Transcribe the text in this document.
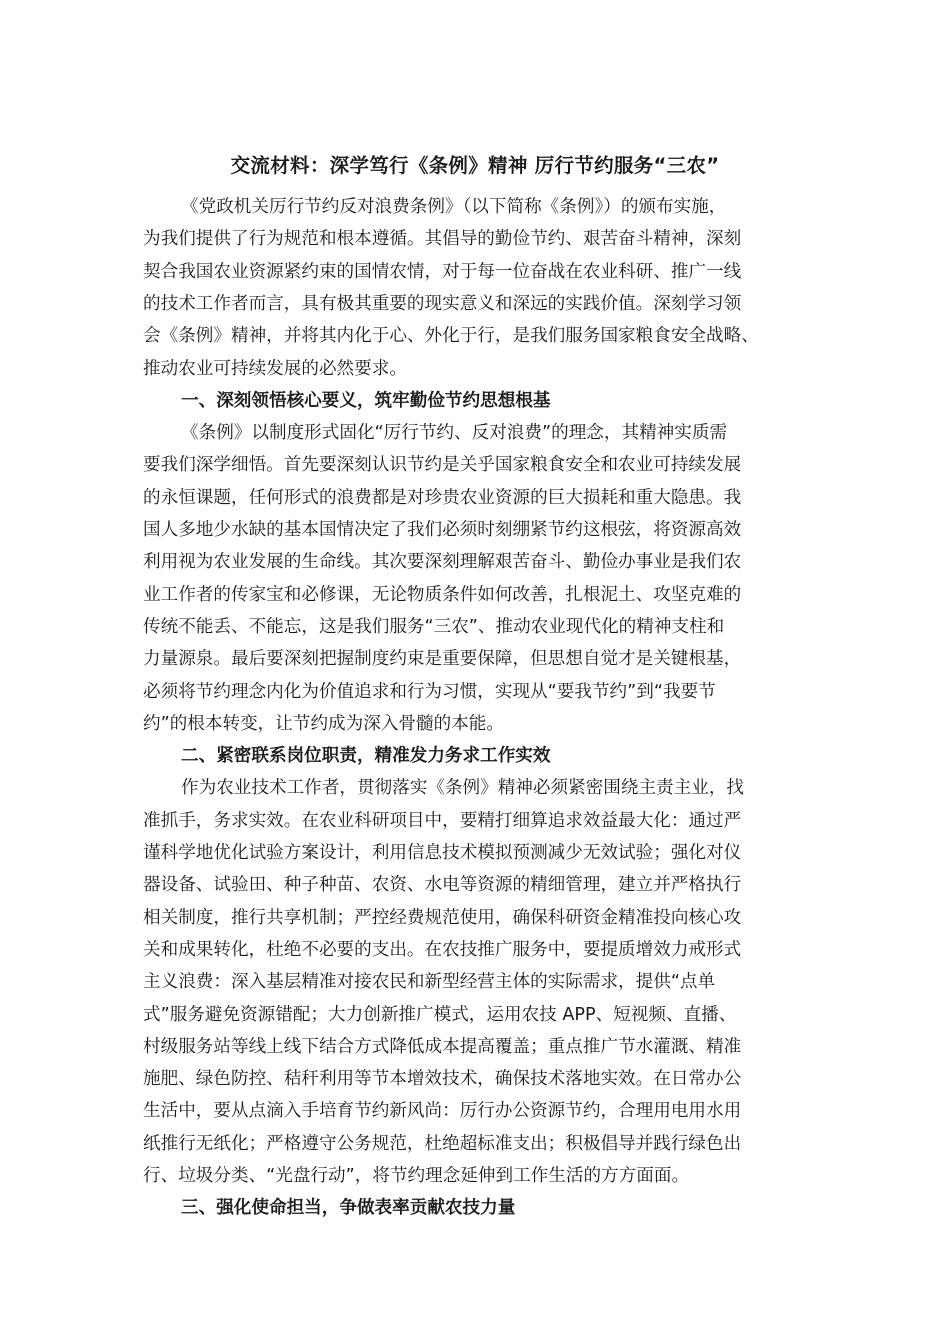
交流材料：深学笃行《条例》精神 厉行节约服务“三农”
《党政机关厉行节约反对浪费条例》（以下简称《条例》）的颁布实施，
为我们提供了行为规范和根本遵循。其倡导的勤俭节约、艰苦奋斗精神，深刻
契合我国农业资源紧约束的国情农情，对于每一位奋战在农业科研、推广一线
的技术工作者而言，具有极其重要的现实意义和深远的实践价值。深刻学习领
会《条例》精神，并将其内化于心、外化于行，是我们服务国家粮食安全战略、
推动农业可持续发展的必然要求。
一、深刻领悟核心要义，筑牢勤俭节约思想根基
《条例》以制度形式固化“厉行节约、反对浪费”的理念，其精神实质需
要我们深学细悟。首先要深刻认识节约是关乎国家粮食安全和农业可持续发展
的永恒课题，任何形式的浪费都是对珍贵农业资源的巨大损耗和重大隐患。我
国人多地少水缺的基本国情决定了我们必须时刻绷紧节约这根弦，将资源高效
利用视为农业发展的生命线。其次要深刻理解艰苦奋斗、勤俭办事业是我们农
业工作者的传家宝和必修课，无论物质条件如何改善，扎根泥土、攻坚克难的
传统不能丢、不能忘，这是我们服务“三农”、推动农业现代化的精神支柱和
力量源泉。最后要深刻把握制度约束是重要保障，但思想自觉才是关键根基，
必须将节约理念内化为价值追求和行为习惯，实现从“要我节约”到“我要节
约”的根本转变，让节约成为深入骨髓的本能。
二、紧密联系岗位职责，精准发力务求工作实效
作为农业技术工作者，贯彻落实《条例》精神必须紧密围绕主责主业，找
准抓手，务求实效。在农业科研项目中，要精打细算追求效益最大化：通过严
谨科学地优化试验方案设计，利用信息技术模拟预测减少无效试验；强化对仪
器设备、试验田、种子种苗、农资、水电等资源的精细管理，建立并严格执行
相关制度，推行共享机制；严控经费规范使用，确保科研资金精准投向核心攻
关和成果转化，杜绝不必要的支出。在农技推广服务中，要提质增效力戒形式
主义浪费：深入基层精准对接农民和新型经营主体的实际需求，提供“点单
式”服务避免资源错配；大力创新推广模式，运用农技 APP、短视频、直播、
村级服务站等线上线下结合方式降低成本提高覆盖；重点推广节水灌溉、精准
施肥、绿色防控、秸秆利用等节本增效技术，确保技术落地实效。在日常办公
生活中，要从点滴入手培育节约新风尚：厉行办公资源节约，合理用电用水用
纸推行无纸化；严格遵守公务规范，杜绝超标准支出；积极倡导并践行绿色出
行、垃圾分类、“光盘行动”，将节约理念延伸到工作生活的方方面面。
三、强化使命担当，争做表率贡献农技力量
